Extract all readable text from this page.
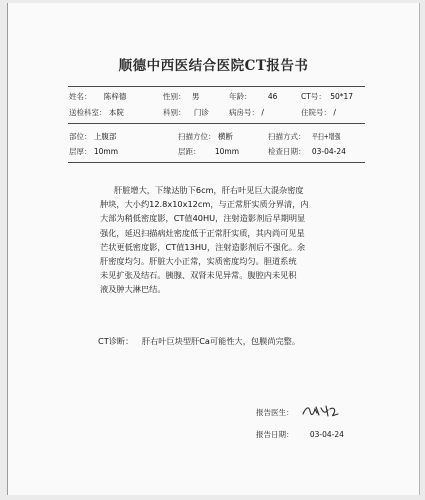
顺德中西医结合医院CT报告书
姓名： 陈梓德	性别： 男	年龄： 46	CT号： 50*17
送检科室： 本院	科别： 门诊	病房号： /	住院号： /
部位： 上腹部	扫描方位： 横断	扫描方式： 平扫+增强
层厚： 10mm	层距： 10mm	检查日期： 03-04-24
肝脏增大，下缘达肋下6cm，肝右叶见巨大混杂密度
肿块，大小约12.8x10x12cm，与正常肝实质分界清，内
大部为稍低密度影，CT值40HU，注射造影剂后早期明显
强化，延迟扫描病灶密度低于正常肝实质，其内尚可见星
芒状更低密度影，CT值13HU，注射造影剂后不强化。余
肝密度均匀。肝脏大小正常，实质密度均匀。胆道系统
未见扩张及结石。胰腺、双肾未见异常。腹腔内未见积
液及肿大淋巴结。
CT诊断： 肝右叶巨块型肝Ca可能性大，包膜尚完整。
报告医生：
报告日期： 03-04-24
